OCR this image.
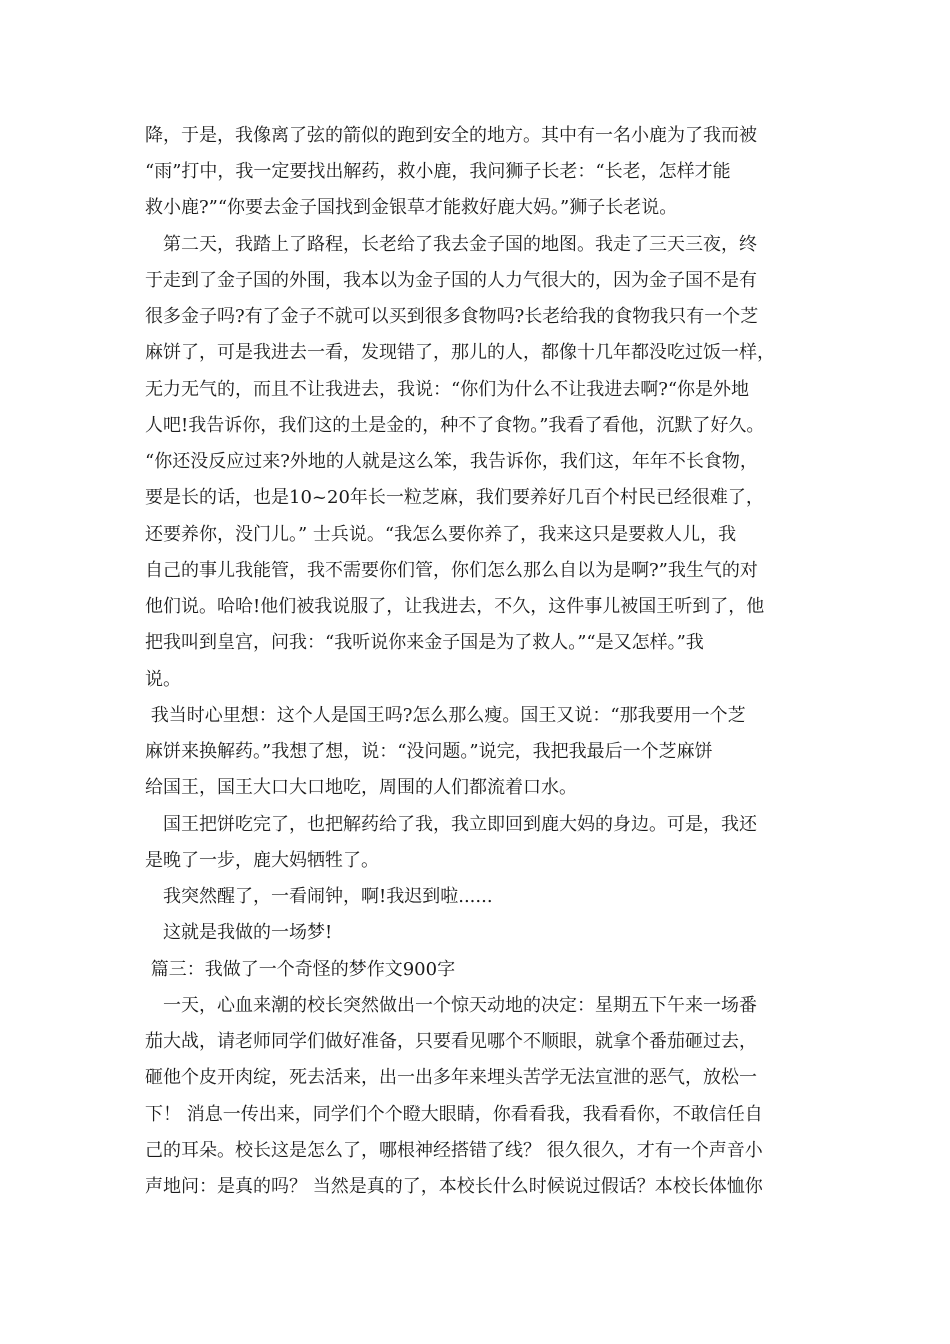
降，于是，我像离了弦的箭似的跑到安全的地方。其中有一名小鹿为了我而被

“雨”打中，我一定要找出解药，救小鹿，我问狮子长老：“长老，怎样才能

救小鹿?”“你要去金子国找到金银草才能救好鹿大妈。”狮子长老说。

　第二天，我踏上了路程，长老给了我去金子国的地图。我走了三天三夜，终

于走到了金子国的外围，我本以为金子国的人力气很大的，因为金子国不是有

很多金子吗?有了金子不就可以买到很多食物吗?长老给我的食物我只有一个芝

麻饼了，可是我进去一看，发现错了，那儿的人，都像十几年都没吃过饭一样，

无力无气的，而且不让我进去，我说：“你们为什么不让我进去啊?“你是外地

人吧!我告诉你，我们这的土是金的，种不了食物。”我看了看他，沉默了好久。

“你还没反应过来?外地的人就是这么笨，我告诉你，我们这，年年不长食物，

要是长的话，也是10~20年长一粒芝麻，我们要养好几百个村民已经很难了，

还要养你，没门儿。” 士兵说。“我怎么要你养了，我来这只是要救人儿，我

自己的事儿我能管，我不需要你们管，你们怎么那么自以为是啊?”我生气的对

他们说。哈哈!他们被我说服了，让我进去，不久，这件事儿被国王听到了，他

把我叫到皇宫，问我：“我听说你来金子国是为了救人。”“是又怎样。”我

说。

我当时心里想：这个人是国王吗?怎么那么瘦。国王又说：“那我要用一个芝

麻饼来换解药。”我想了想，说：“没问题。”说完，我把我最后一个芝麻饼

给国王，国王大口大口地吃，周围的人们都流着口水。

　国王把饼吃完了，也把解药给了我，我立即回到鹿大妈的身边。可是，我还

是晚了一步，鹿大妈牺牲了。

　我突然醒了，一看闹钟，啊!我迟到啦......

　这就是我做的一场梦!

篇三：我做了一个奇怪的梦作文900字

　一天，心血来潮的校长突然做出一个惊天动地的决定：星期五下午来一场番

茄大战，请老师同学们做好准备，只要看见哪个不顺眼，就拿个番茄砸过去，

砸他个皮开肉绽，死去活来，出一出多年来埋头苦学无法宣泄的恶气，放松一

下！ 消息一传出来，同学们个个瞪大眼睛，你看看我，我看看你，不敢信任自

己的耳朵。校长这是怎么了，哪根神经搭错了线？ 很久很久，才有一个声音小

声地问：是真的吗？ 当然是真的了，本校长什么时候说过假话？本校长体恤你
